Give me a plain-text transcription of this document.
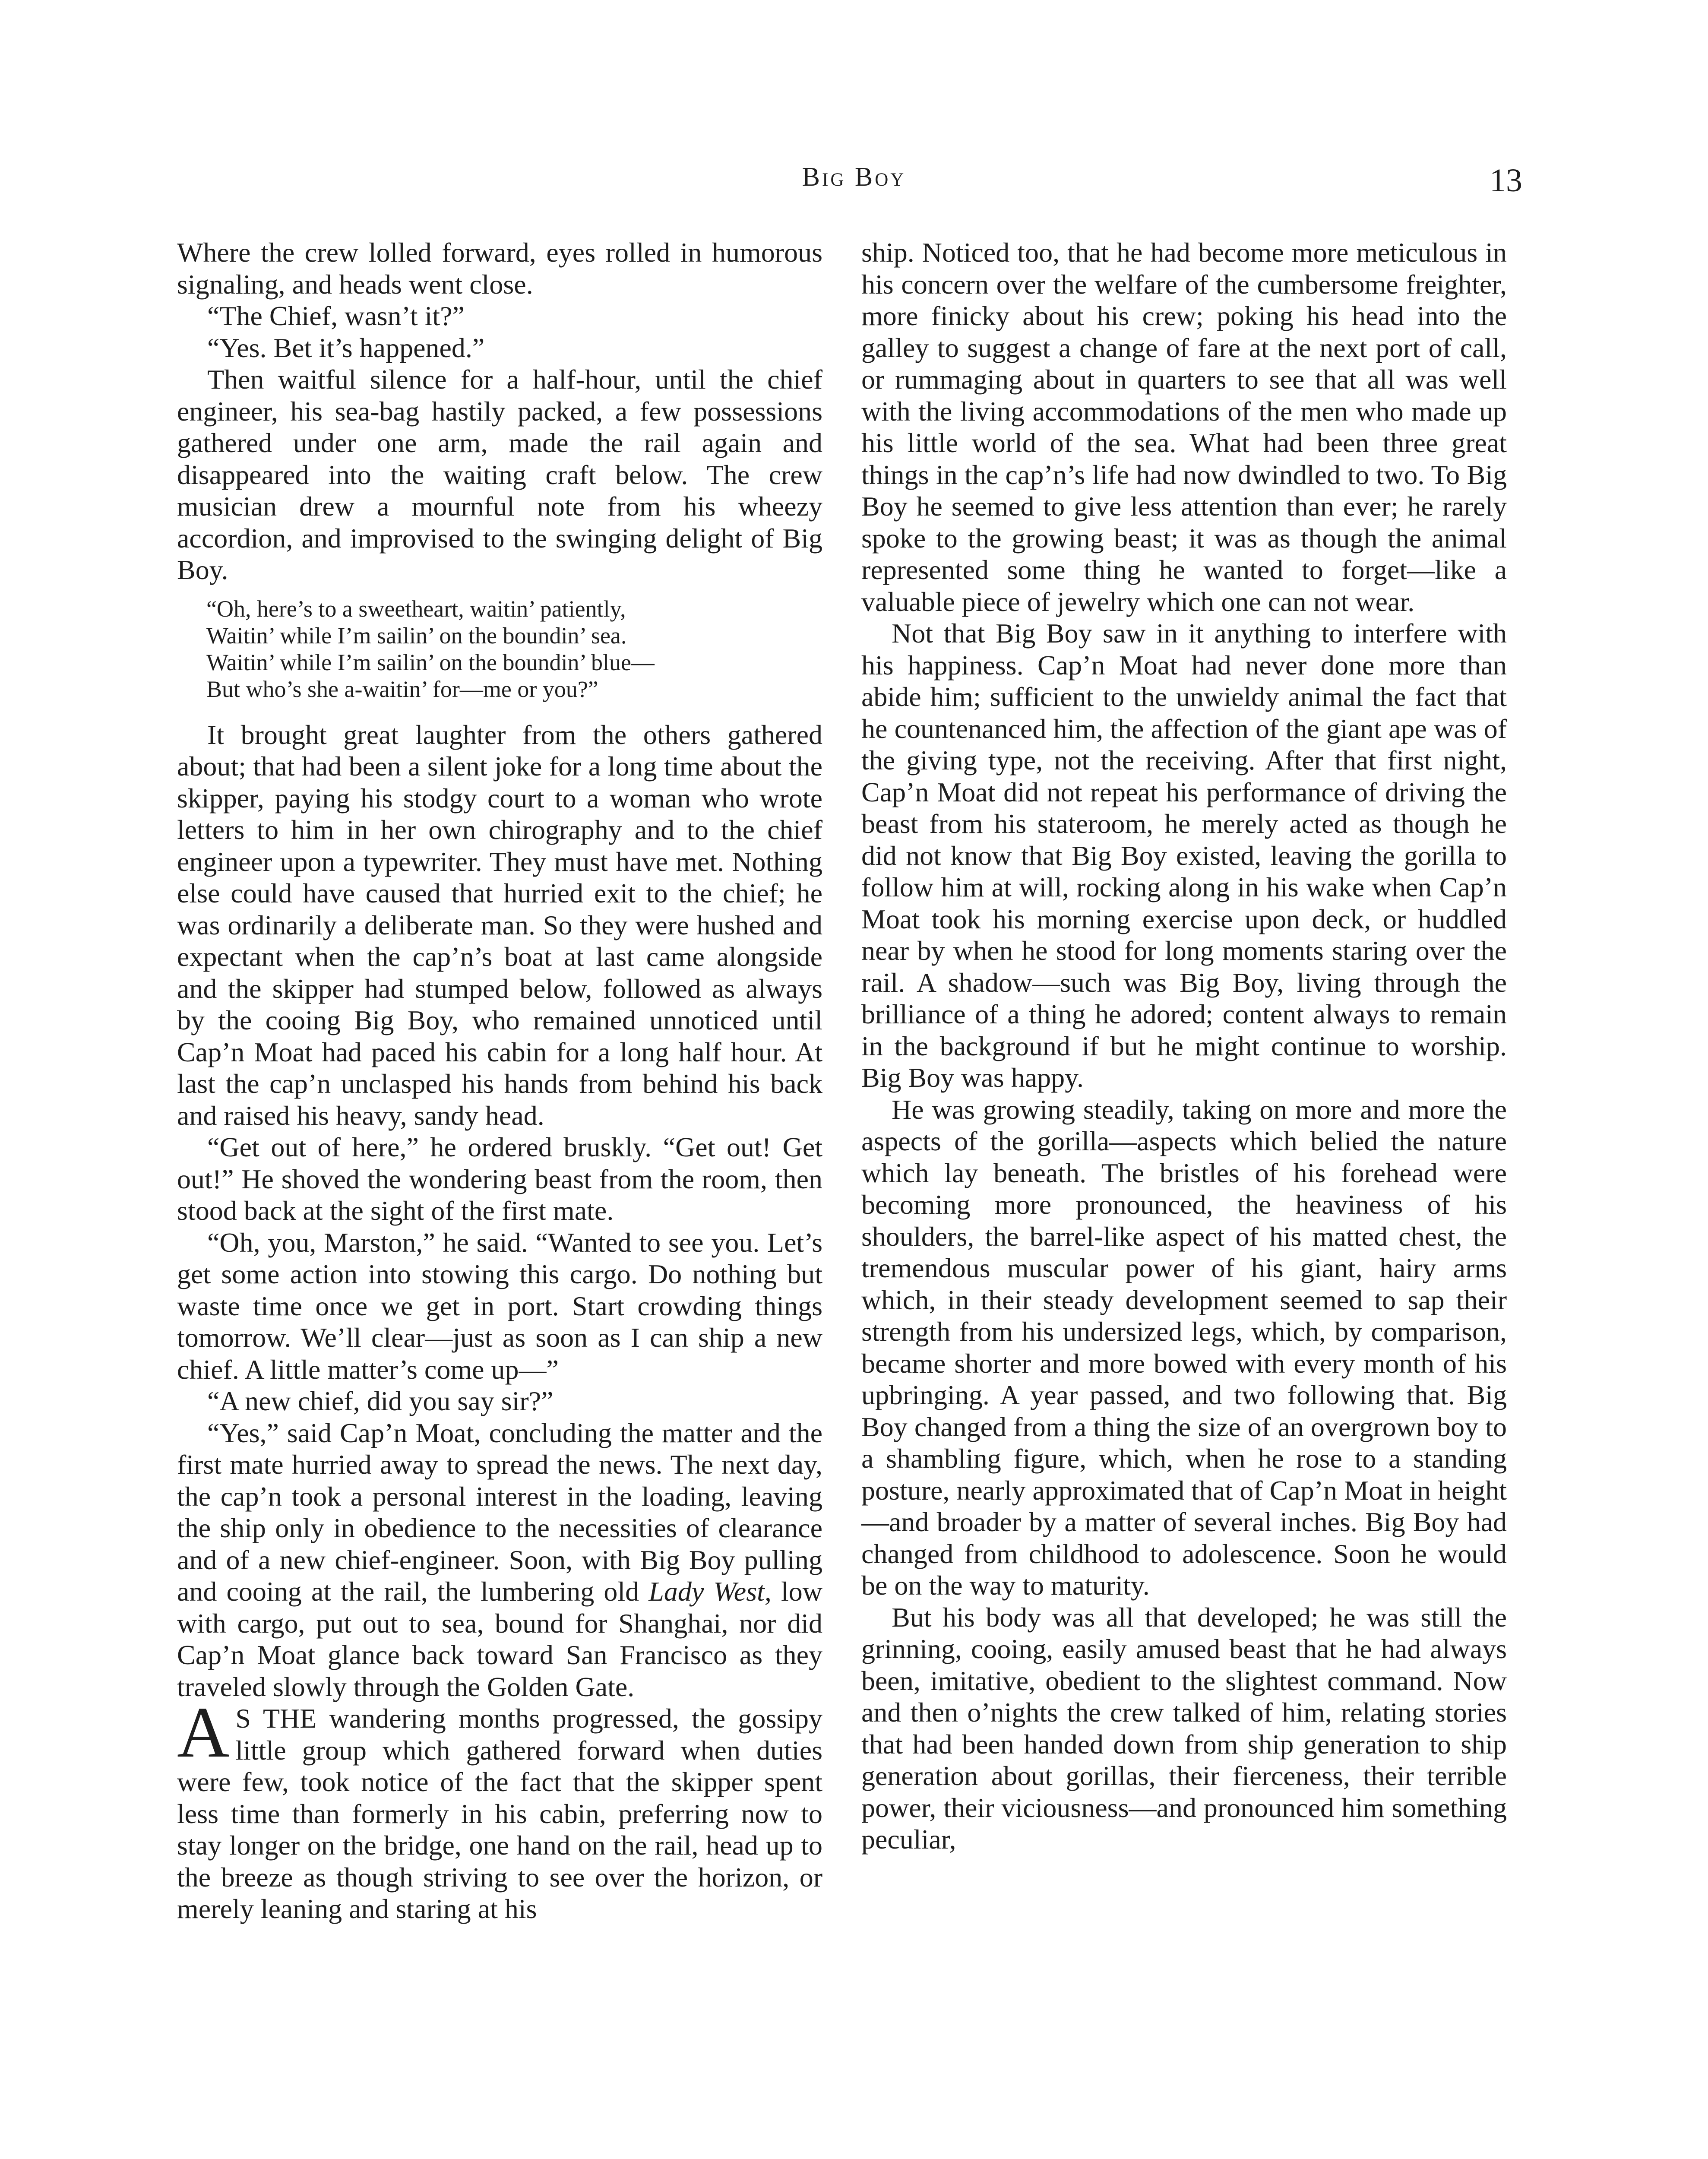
Big Boy	13

Where the crew lolled forward, eyes rolled in humorous signaling, and heads went close.

“The Chief, wasn’t it?”

“Yes. Bet it’s happened.”

Then waitful silence for a half-hour, until the chief engineer, his sea-bag hastily packed, a few possessions gathered under one arm, made the rail again and disappeared into the waiting craft below. The crew musician drew a mournful note from his wheezy accordion, and improvised to the swinging delight of Big Boy.

“Oh, here’s to a sweetheart, waitin’ patiently,
Waitin’ while I’m sailin’ on the boundin’ sea.
Waitin’ while I’m sailin’ on the boundin’ blue—
But who’s she a-waitin’ for—me or you?”

It brought great laughter from the others gathered about; that had been a silent joke for a long time about the skipper, paying his stodgy court to a woman who wrote letters to him in her own chirography and to the chief engineer upon a typewriter. They must have met. Nothing else could have caused that hurried exit to the chief; he was ordinarily a deliberate man. So they were hushed and expectant when the cap’n’s boat at last came alongside and the skipper had stumped below, followed as always by the cooing Big Boy, who remained unnoticed until Cap’n Moat had paced his cabin for a long half hour. At last the cap’n unclasped his hands from behind his back and raised his heavy, sandy head.

“Get out of here,” he ordered bruskly. “Get out! Get out!” He shoved the wondering beast from the room, then stood back at the sight of the first mate.

“Oh, you, Marston,” he said. “Wanted to see you. Let’s get some action into stowing this cargo. Do nothing but waste time once we get in port. Start crowding things tomorrow. We’ll clear—just as soon as I can ship a new chief. A little matter’s come up—”

“A new chief, did you say sir?”

“Yes,” said Cap’n Moat, concluding the matter and the first mate hurried away to spread the news. The next day, the cap’n took a personal interest in the loading, leaving the ship only in obedience to the necessities of clearance and of a new chief-engineer. Soon, with Big Boy pulling and cooing at the rail, the lumbering old Lady West, low with cargo, put out to sea, bound for Shanghai, nor did Cap’n Moat glance back toward San Francisco as they traveled slowly through the Golden Gate.

A S THE wandering months progressed, the gossipy little group which gathered forward when duties were few, took notice of the fact that the skipper spent less time than formerly in his cabin, preferring now to stay longer on the bridge, one hand on the rail, head up to the breeze as though striving to see over the horizon, or merely leaning and staring at his

ship. Noticed too, that he had become more meticulous in his concern over the welfare of the cumbersome freighter, more finicky about his crew; poking his head into the galley to suggest a change of fare at the next port of call, or rummaging about in quarters to see that all was well with the living accommodations of the men who made up his little world of the sea. What had been three great things in the cap’n’s life had now dwindled to two. To Big Boy he seemed to give less attention than ever; he rarely spoke to the growing beast; it was as though the animal represented some thing he wanted to forget—like a valuable piece of jewelry which one can not wear.

Not that Big Boy saw in it anything to interfere with his happiness. Cap’n Moat had never done more than abide him; sufficient to the unwieldy animal the fact that he countenanced him, the affection of the giant ape was of the giving type, not the receiving. After that first night, Cap’n Moat did not repeat his performance of driving the beast from his stateroom, he merely acted as though he did not know that Big Boy existed, leaving the gorilla to follow him at will, rocking along in his wake when Cap’n Moat took his morning exercise upon deck, or huddled near by when he stood for long moments staring over the rail. A shadow—such was Big Boy, living through the brilliance of a thing he adored; content always to remain in the background if but he might continue to worship. Big Boy was happy.

He was growing steadily, taking on more and more the aspects of the gorilla—aspects which belied the nature which lay beneath. The bristles of his forehead were becoming more pronounced, the heaviness of his shoulders, the barrel-like aspect of his matted chest, the tremendous muscular power of his giant, hairy arms which, in their steady development seemed to sap their strength from his undersized legs, which, by comparison, became shorter and more bowed with every month of his upbringing. A year passed, and two following that. Big Boy changed from a thing the size of an overgrown boy to a shambling figure, which, when he rose to a standing posture, nearly approximated that of Cap’n Moat in height—and broader by a matter of several inches. Big Boy had changed from childhood to adolescence. Soon he would be on the way to maturity.

But his body was all that developed; he was still the grinning, cooing, easily amused beast that he had always been, imitative, obedient to the slightest command. Now and then o’nights the crew talked of him, relating stories that had been handed down from ship generation to ship generation about gorillas, their fierceness, their terrible power, their viciousness—and pronounced him something peculiar,
